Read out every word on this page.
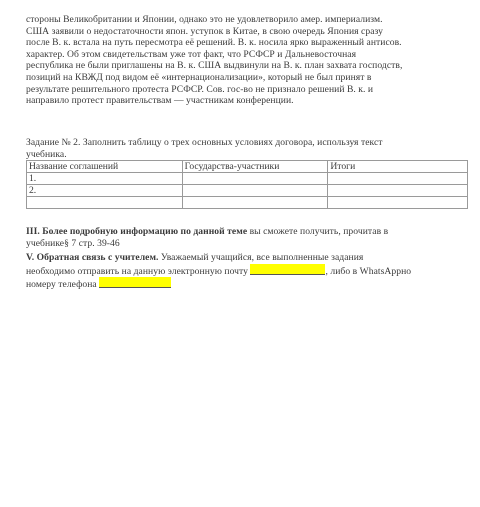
стороны Великобритании и Японии, однако это не удовлетворило амер. империализм.
США заявили о недостаточности япон. уступок в Китае, в свою очередь Япония сразу
после В. к. встала на путь пересмотра её решений. В. к. носила ярко выраженный антисов.
характер. Об этом свидетельствам уже тот факт, что РСФСР и Дальневосточная
республика не были приглашены на В. к. США выдвинули на В. к. план захвата господств,
позиций на КВЖД под видом её «интернационализации», который не был принят в
результате решительного протеста РСФСР. Сов. гос-во не признало решений В. к. и
направило протест правительствам — участникам конференции.

Задание № 2. Заполнить таблицу о трех основных условиях договора, используя текст
учебника.

Название соглашений	Государства-участники	Итоги
1.		
2.		

III. Более подробную информацию по данной теме вы сможете получить, прочитав в
учебнике§ 7 стр. 39-46

V. Обратная связь с учителем. Уважаемый учащийся, все выполненные задания
необходимо отправить на данную электронную почту	, либо в WhatsAppно
номеру телефона
